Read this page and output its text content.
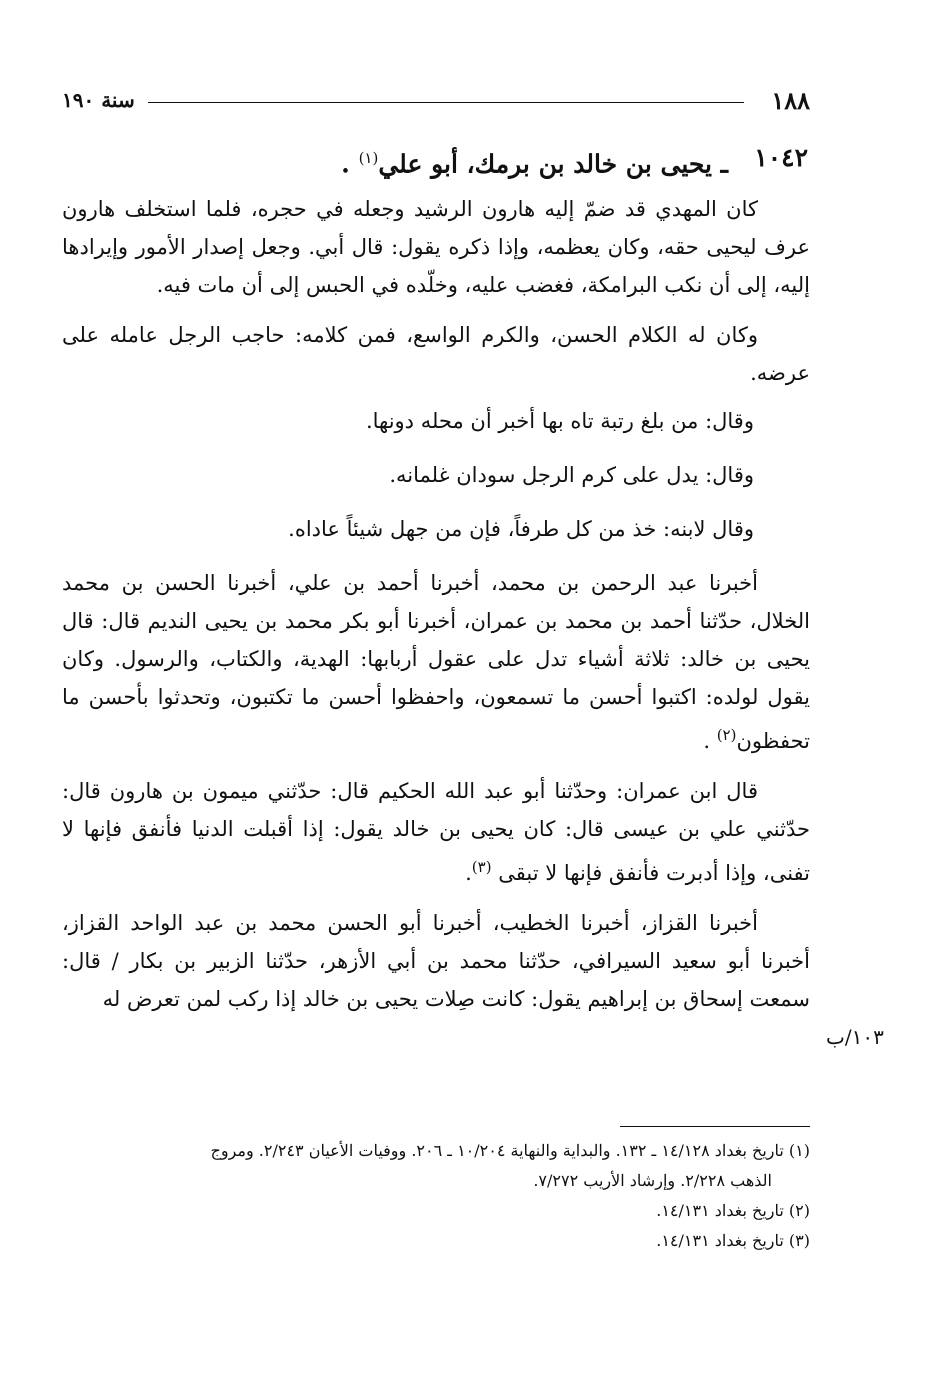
١٨٨
سنة ١٩٠
١٠٤٢
ـ يحيى بن خالد بن برمك، أبو علي$^{(١)}$ .

كان المهدي قد ضمّ إليه هارون الرشيد وجعله في حجره، فلما استخلف هارون عرف ليحيى حقه، وكان يعظمه، وإذا ذكره يقول: قال أبي. وجعل إصدار الأمور وإيرادها إليه، إلى أن نكب البرامكة، فغضب عليه، وخلّده في الحبس إلى أن مات فيه.

وكان له الكلام الحسن، والكرم الواسع، فمن كلامه: حاجب الرجل عامله على عرضه.

وقال: من بلغ رتبة تاه بها أخبر أن محله دونها.

وقال: يدل على كرم الرجل سودان غلمانه.

وقال لابنه: خذ من كل طرفاً، فإن من جهل شيئاً عاداه.

أخبرنا عبد الرحمن بن محمد، أخبرنا أحمد بن علي، أخبرنا الحسن بن محمد الخلال، حدّثنا أحمد بن محمد بن عمران، أخبرنا أبو بكر محمد بن يحيى النديم قال: قال يحيى بن خالد: ثلاثة أشياء تدل على عقول أربابها: الهدية، والكتاب، والرسول. وكان يقول لولده: اكتبوا أحسن ما تسمعون، واحفظوا أحسن ما تكتبون، وتحدثوا بأحسن ما تحفظون$^{(٢)}$ .

قال ابن عمران: وحدّثنا أبو عبد الله الحكيم قال: حدّثني ميمون بن هارون قال: حدّثني علي بن عيسى قال: كان يحيى بن خالد يقول: إذا أقبلت الدنيا فأنفق فإنها لا تفنى، وإذا أدبرت فأنفق فإنها لا تبقى $^{(٣)}$.

أخبرنا القزاز، أخبرنا الخطيب، أخبرنا أبو الحسن محمد بن عبد الواحد القزاز، أخبرنا أبو سعيد السيرافي، حدّثنا محمد بن أبي الأزهر، حدّثنا الزبير بن بكار / قال: سمعت إسحاق بن إبراهيم يقول: كانت صِلات يحيى بن خالد إذا ركب لمن تعرض له

١٠٣/ب

(١) تاريخ بغداد ١٤/١٢٨ ـ ١٣٢. والبداية والنهاية ١٠/٢٠٤ ـ ٢٠٦. ووفيات الأعيان ٢/٢٤٣. ومروج
الذهب ٢/٢٢٨. وإرشاد الأريب ٧/٢٧٢.

(٢) تاريخ بغداد ١٤/١٣١.

(٣) تاريخ بغداد ١٤/١٣١.
